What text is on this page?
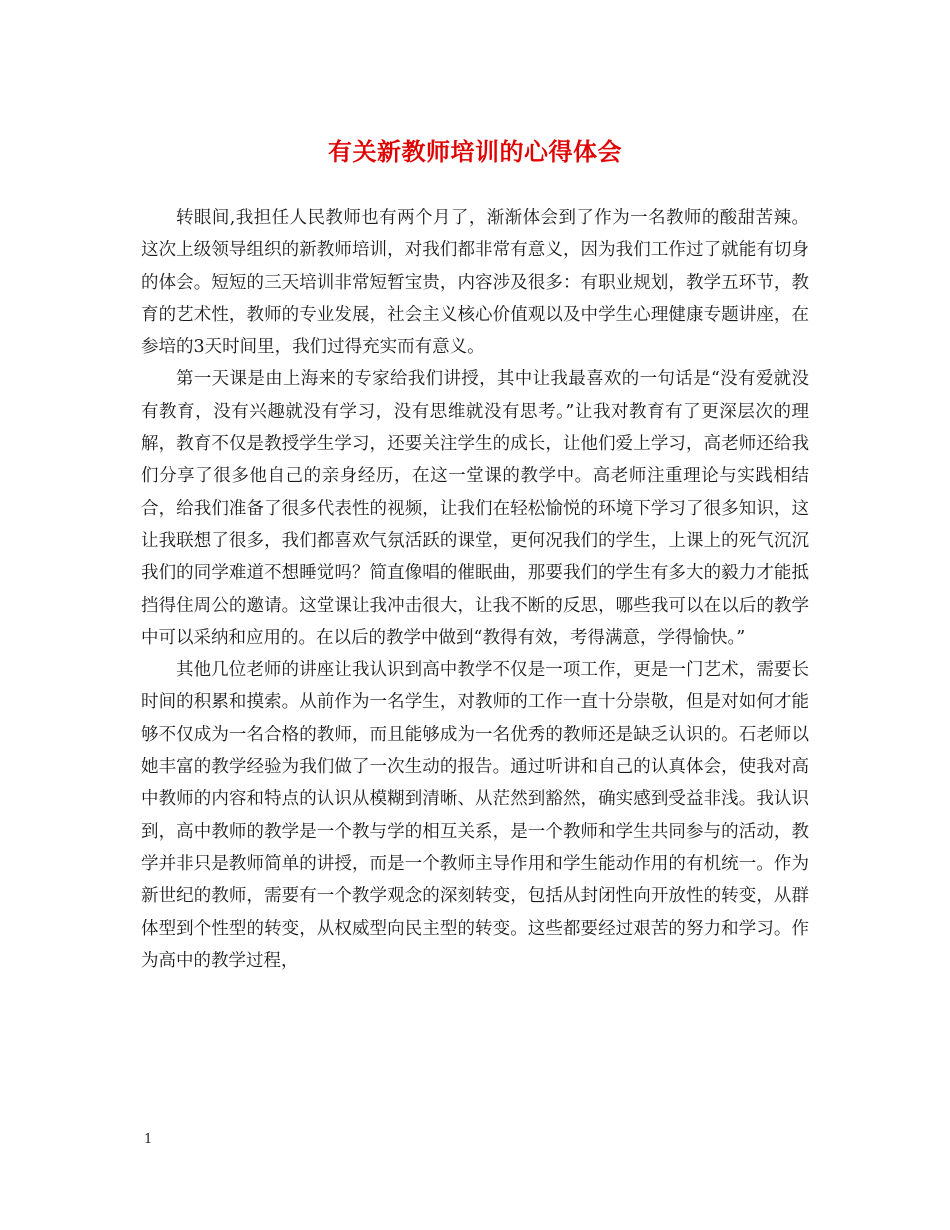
有关新教师培训的心得体会

转眼间,我担任人民教师也有两个月了，渐渐体会到了作为一名教师的酸甜苦辣。这次上级领导组织的新教师培训，对我们都非常有意义，因为我们工作过了就能有切身的体会。短短的三天培训非常短暂宝贵，内容涉及很多：有职业规划，教学五环节，教育的艺术性，教师的专业发展，社会主义核心价值观以及中学生心理健康专题讲座，在参培的3天时间里，我们过得充实而有意义。

第一天课是由上海来的专家给我们讲授，其中让我最喜欢的一句话是“没有爱就没有教育，没有兴趣就没有学习，没有思维就没有思考。”让我对教育有了更深层次的理解，教育不仅是教授学生学习，还要关注学生的成长，让他们爱上学习，高老师还给我们分享了很多他自己的亲身经历，在这一堂课的教学中。高老师注重理论与实践相结合，给我们准备了很多代表性的视频，让我们在轻松愉悦的环境下学习了很多知识，这让我联想了很多，我们都喜欢气氛活跃的课堂，更何况我们的学生，上课上的死气沉沉我们的同学难道不想睡觉吗？简直像唱的催眠曲，那要我们的学生有多大的毅力才能抵挡得住周公的邀请。这堂课让我冲击很大，让我不断的反思，哪些我可以在以后的教学中可以采纳和应用的。在以后的教学中做到“教得有效，考得满意，学得愉快。”

其他几位老师的讲座让我认识到高中教学不仅是一项工作，更是一门艺术，需要长时间的积累和摸索。从前作为一名学生，对教师的工作一直十分崇敬，但是对如何才能够不仅成为一名合格的教师，而且能够成为一名优秀的教师还是缺乏认识的。石老师以她丰富的教学经验为我们做了一次生动的报告。通过听讲和自己的认真体会，使我对高中教师的内容和特点的认识从模糊到清晰、从茫然到豁然，确实感到受益非浅。我认识到，高中教师的教学是一个教与学的相互关系，是一个教师和学生共同参与的活动，教学并非只是教师简单的讲授，而是一个教师主导作用和学生能动作用的有机统一。作为新世纪的教师，需要有一个教学观念的深刻转变，包括从封闭性向开放性的转变，从群体型到个性型的转变，从权威型向民主型的转变。这些都要经过艰苦的努力和学习。作为高中的教学过程，

1
